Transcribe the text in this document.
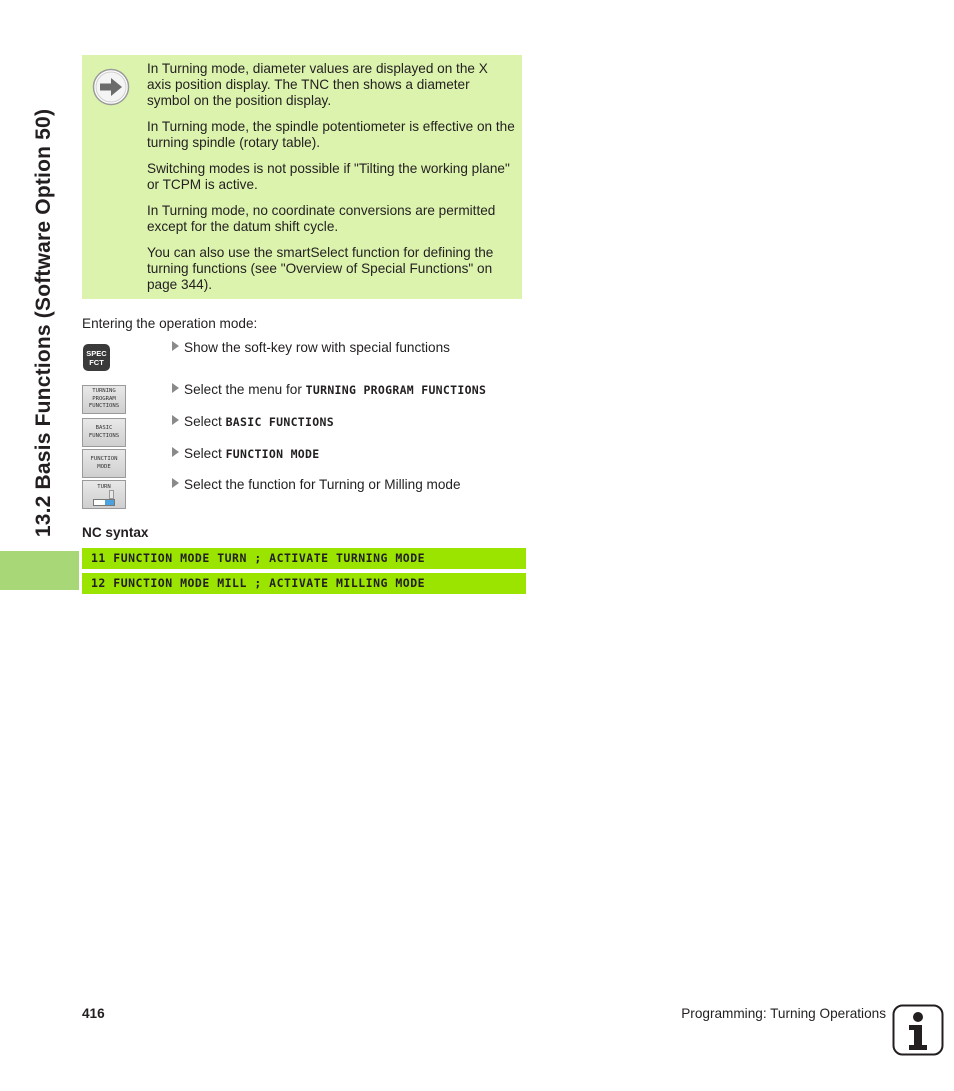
13.2 Basis Functions (Software Option 50)

In Turning mode, diameter values are displayed on the X axis position display. The TNC then shows a diameter symbol on the position display.

In Turning mode, the spindle potentiometer is effective on the turning spindle (rotary table).

Switching modes is not possible if "Tilting the working plane" or TCPM is active.

In Turning mode, no coordinate conversions are permitted except for the datum shift cycle.

You can also use the smartSelect function for defining the turning functions (see "Overview of Special Functions" on page 344).

Entering the operation mode:
SPEC
FCT
TURNING
PROGRAM
FUNCTIONS
BASIC
FUNCTIONS
FUNCTION
MODE
TURN
Show the soft-key row with special functions
Select the menu for TURNING PROGRAM FUNCTIONS
Select BASIC FUNCTIONS
Select FUNCTION MODE
Select the function for Turning or Milling mode
NC syntax
11 FUNCTION MODE TURN ; ACTIVATE TURNING MODE
12 FUNCTION MODE MILL ; ACTIVATE MILLING MODE
416	Programming: Turning Operations
